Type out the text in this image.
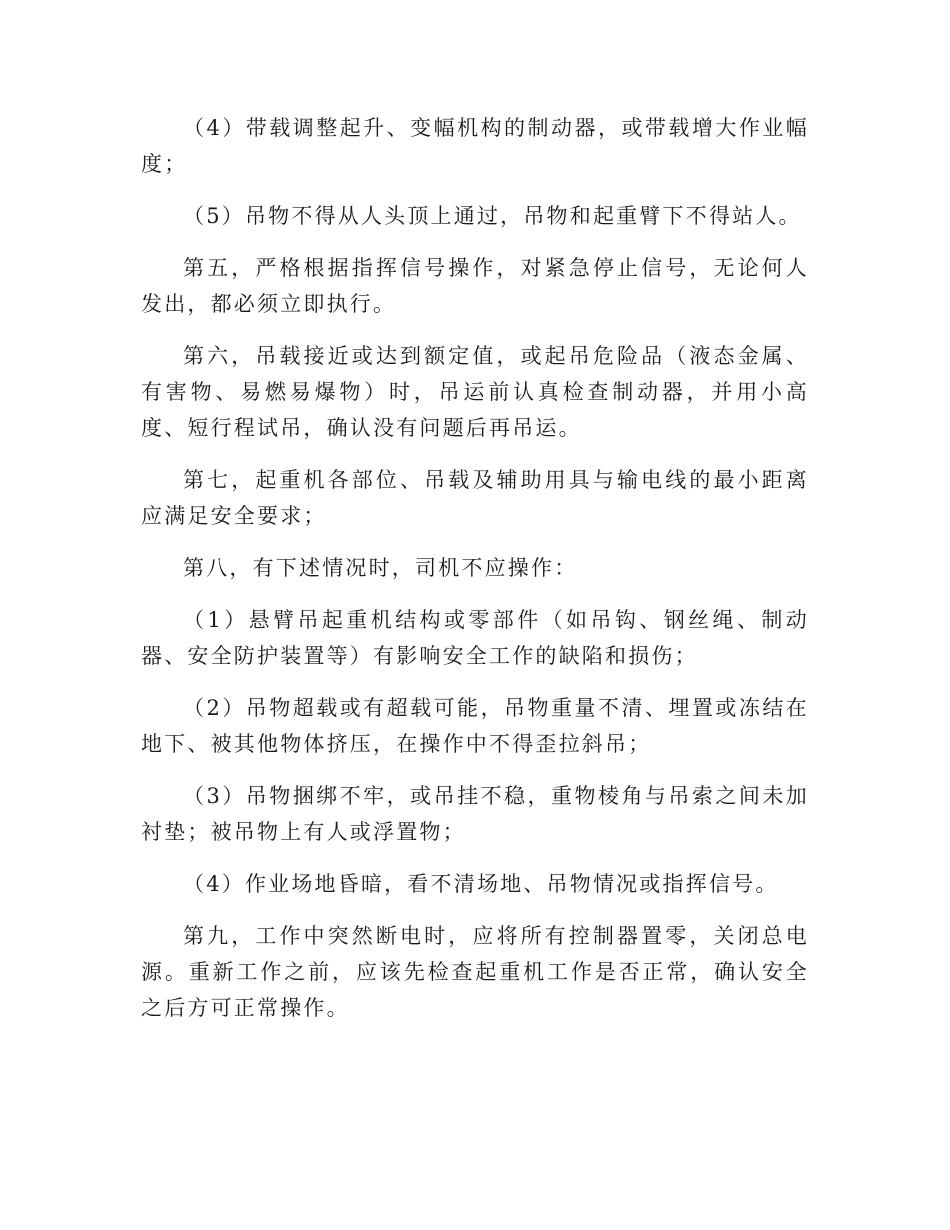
（4）带载调整起升、变幅机构的制动器，或带载增大作业幅度；

（5）吊物不得从人头顶上通过，吊物和起重臂下不得站人。

第五，严格根据指挥信号操作，对紧急停止信号，无论何人发出，都必须立即执行。

第六，吊载接近或达到额定值，或起吊危险品（液态金属、有害物、易燃易爆物）时，吊运前认真检查制动器，并用小高度、短行程试吊，确认没有问题后再吊运。

第七，起重机各部位、吊载及辅助用具与输电线的最小距离应满足安全要求；

第八，有下述情况时，司机不应操作：

（1）悬臂吊起重机结构或零部件（如吊钩、钢丝绳、制动器、安全防护装置等）有影响安全工作的缺陷和损伤；

（2）吊物超载或有超载可能，吊物重量不清、埋置或冻结在地下、被其他物体挤压，在操作中不得歪拉斜吊；

（3）吊物捆绑不牢，或吊挂不稳，重物棱角与吊索之间未加衬垫；被吊物上有人或浮置物；

（4）作业场地昏暗，看不清场地、吊物情况或指挥信号。

第九，工作中突然断电时，应将所有控制器置零，关闭总电源。重新工作之前，应该先检查起重机工作是否正常，确认安全之后方可正常操作。
